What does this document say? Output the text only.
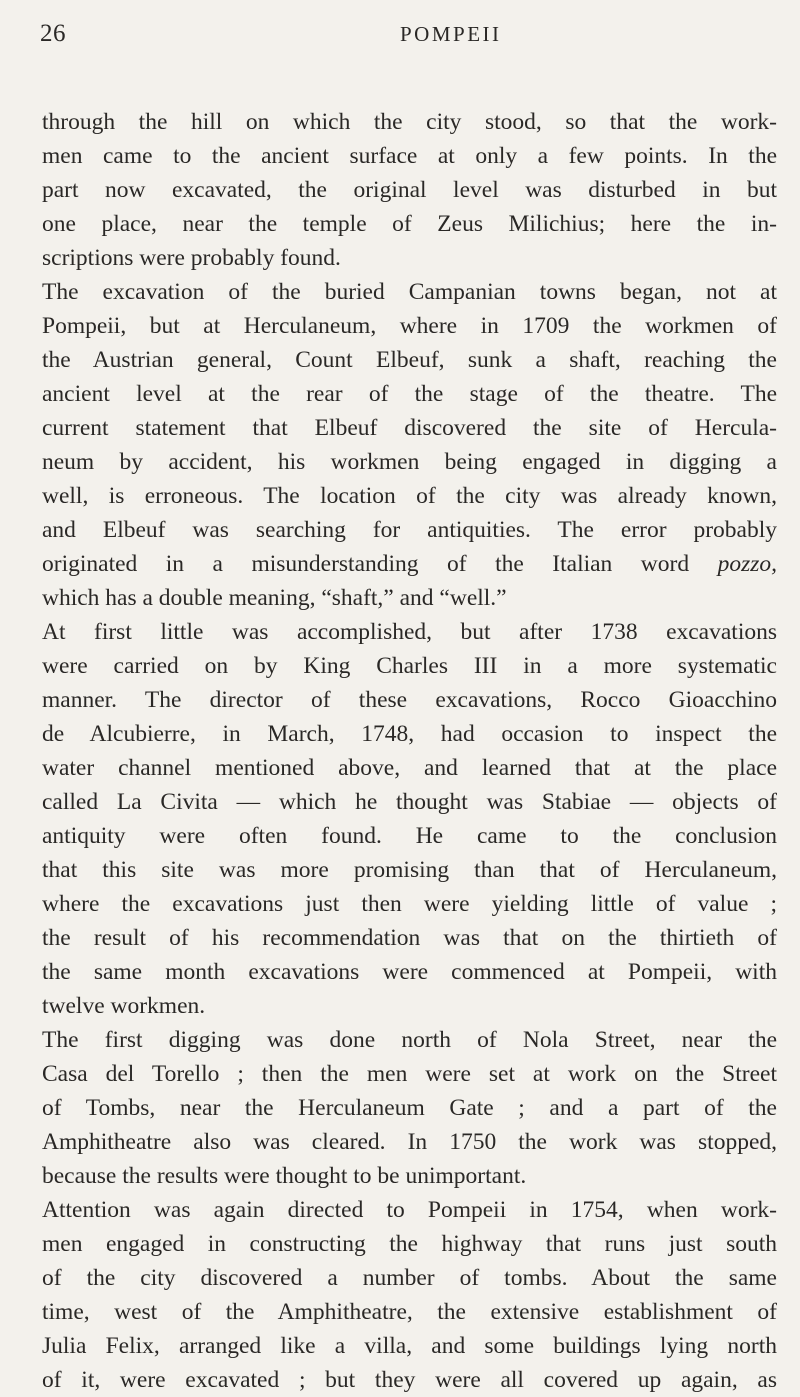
26	POMPEII
through the hill on which the city stood, so that the work-
men came to the ancient surface at only a few points. In the
part now excavated, the original level was disturbed in but
one place, near the temple of Zeus Milichius; here the in-
scriptions were probably found.
The excavation of the buried Campanian towns began, not at
Pompeii, but at Herculaneum, where in 1709 the workmen of
the Austrian general, Count Elbeuf, sunk a shaft, reaching the
ancient level at the rear of the stage of the theatre. The
current statement that Elbeuf discovered the site of Hercula-
neum by accident, his workmen being engaged in digging a
well, is erroneous. The location of the city was already known,
and Elbeuf was searching for antiquities. The error probably
originated in a misunderstanding of the Italian word pozzo,
which has a double meaning, “shaft,” and “well.”
At first little was accomplished, but after 1738 excavations
were carried on by King Charles III in a more systematic
manner. The director of these excavations, Rocco Gioacchino
de Alcubierre, in March, 1748, had occasion to inspect the
water channel mentioned above, and learned that at the place
called La Civita — which he thought was Stabiae — objects of
antiquity were often found. He came to the conclusion
that this site was more promising than that of Herculaneum,
where the excavations just then were yielding little of value ;
the result of his recommendation was that on the thirtieth of
the same month excavations were commenced at Pompeii, with
twelve workmen.
The first digging was done north of Nola Street, near the
Casa del Torello ; then the men were set at work on the Street
of Tombs, near the Herculaneum Gate ; and a part of the
Amphitheatre also was cleared. In 1750 the work was stopped,
because the results were thought to be unimportant.
Attention was again directed to Pompeii in 1754, when work-
men engaged in constructing the highway that runs just south
of the city discovered a number of tombs. About the same
time, west of the Amphitheatre, the extensive establishment of
Julia Felix, arranged like a villa, and some buildings lying north
of it, were excavated ; but they were all covered up again, as
